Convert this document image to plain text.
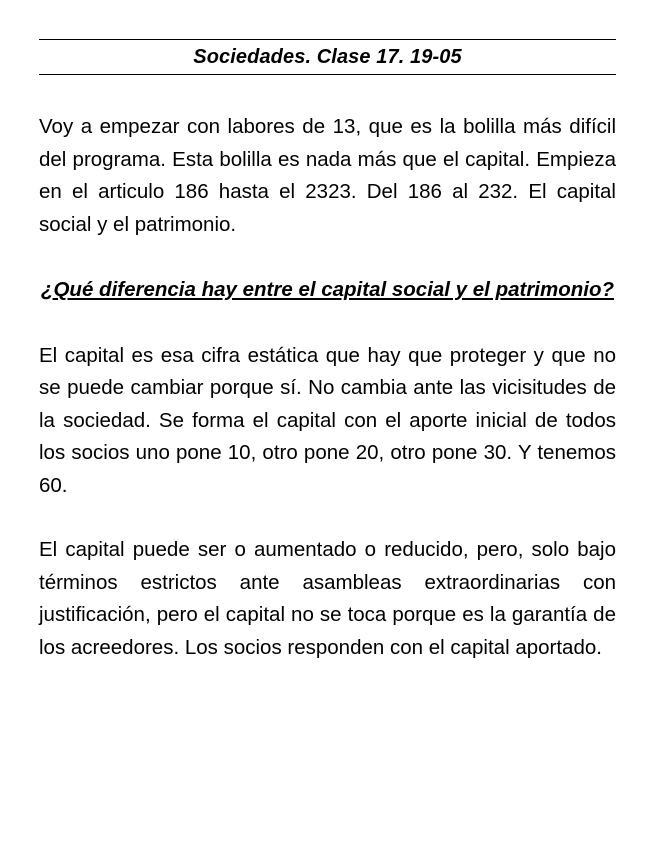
Sociedades. Clase 17. 19-05

Voy a empezar con labores de 13, que es la bolilla más difícil del programa. Esta bolilla es nada más que el capital. Empieza en el articulo 186 hasta el 2323. Del 186 al 232. El capital social y el patrimonio.

¿Qué diferencia hay entre el capital social y el patrimonio?

El capital es esa cifra estática que hay que proteger y que no se puede cambiar porque sí. No cambia ante las vicisitudes de la sociedad. Se forma el capital con el aporte inicial de todos los socios uno pone 10, otro pone 20, otro pone 30. Y tenemos 60.

El capital puede ser o aumentado o reducido, pero, solo bajo términos estrictos ante asambleas extraordinarias con justificación, pero el capital no se toca porque es la garantía de los acreedores. Los socios responden con el capital aportado.
